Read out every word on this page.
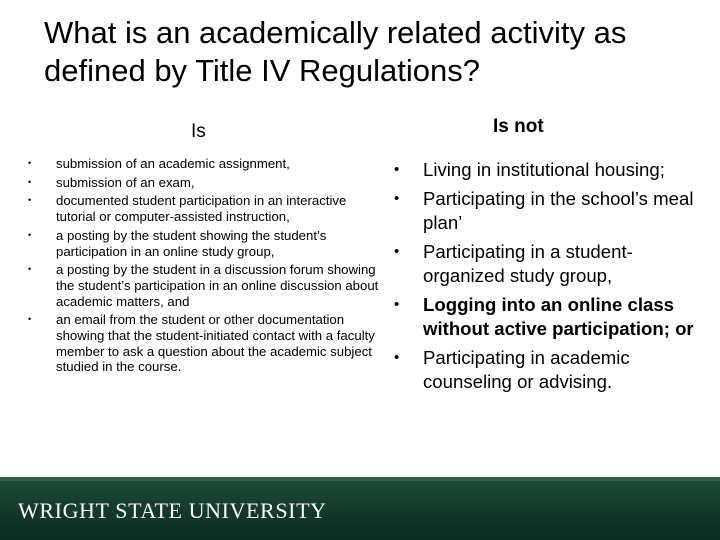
What is an academically related activity as defined by Title IV Regulations?
Is	Is not
• submission of an academic assignment,
• submission of an exam,
• documented student participation in an interactive tutorial or computer-assisted instruction,
• a posting by the student showing the student’s participation in an online study group,
• a posting by the student in a discussion forum showing the student’s participation in an online discussion about academic matters, and
• an email from the student or other documentation showing that the student-initiated contact with a faculty member to ask a question about the academic subject studied in the course.
• Living in institutional housing;
• Participating in the school’s meal plan’
• Participating in a student-organized study group,
• Logging into an online class without active participation; or
• Participating in academic counseling or advising.
WRIGHT STATE UNIVERSITY
